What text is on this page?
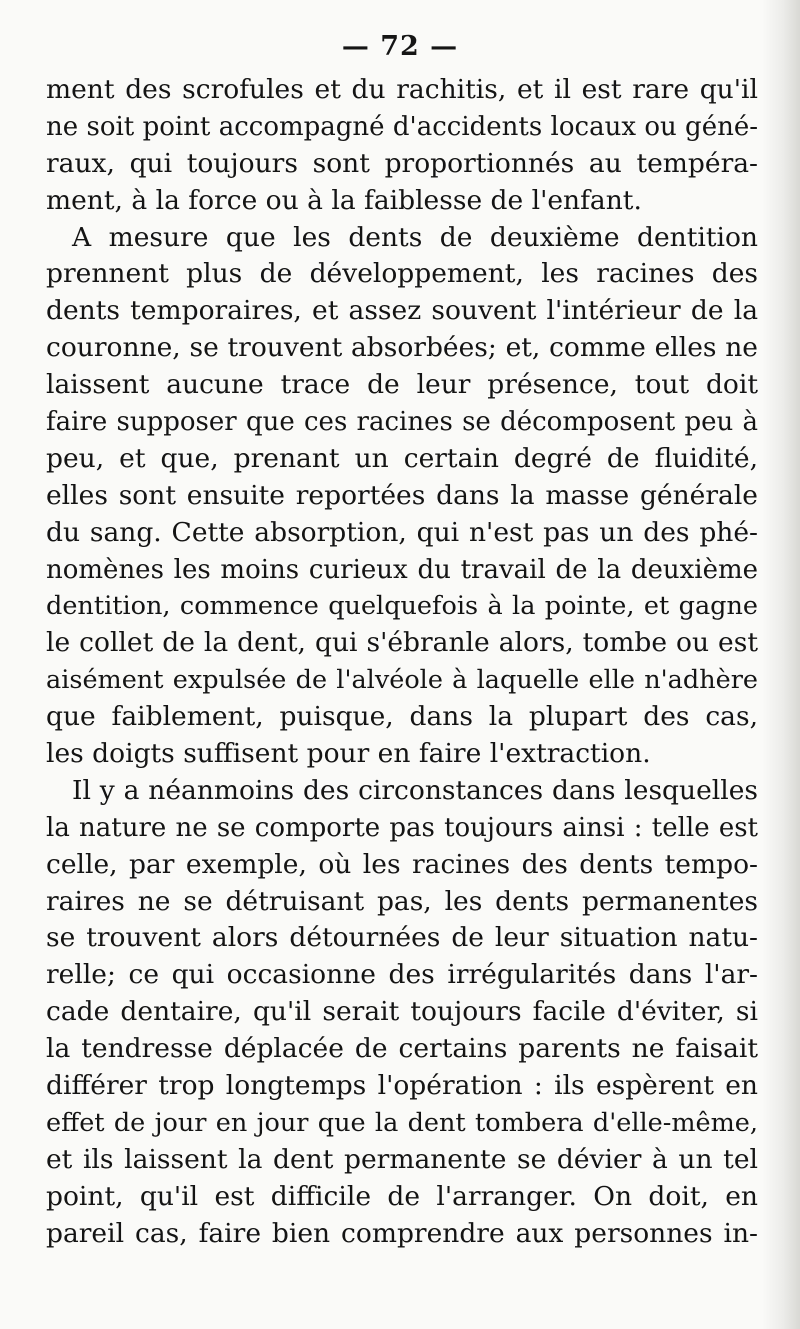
— 72 —
ment des scrofules et du rachitis, et il est rare qu'il
ne soit point accompagné d'accidents locaux ou géné-
raux, qui toujours sont proportionnés au tempéra-
ment, à la force ou à la faiblesse de l'enfant.
A mesure que les dents de deuxième dentition
prennent plus de développement, les racines des
dents temporaires, et assez souvent l'intérieur de la
couronne, se trouvent absorbées; et, comme elles ne
laissent aucune trace de leur présence, tout doit
faire supposer que ces racines se décomposent peu à
peu, et que, prenant un certain degré de fluidité,
elles sont ensuite reportées dans la masse générale
du sang. Cette absorption, qui n'est pas un des phé-
nomènes les moins curieux du travail de la deuxième
dentition, commence quelquefois à la pointe, et gagne
le collet de la dent, qui s'ébranle alors, tombe ou est
aisément expulsée de l'alvéole à laquelle elle n'adhère
que faiblement, puisque, dans la plupart des cas,
les doigts suffisent pour en faire l'extraction.
Il y a néanmoins des circonstances dans lesquelles
la nature ne se comporte pas toujours ainsi : telle est
celle, par exemple, où les racines des dents tempo-
raires ne se détruisant pas, les dents permanentes
se trouvent alors détournées de leur situation natu-
relle; ce qui occasionne des irrégularités dans l'ar-
cade dentaire, qu'il serait toujours facile d'éviter, si
la tendresse déplacée de certains parents ne faisait
différer trop longtemps l'opération : ils espèrent en
effet de jour en jour que la dent tombera d'elle-même,
et ils laissent la dent permanente se dévier à un tel
point, qu'il est difficile de l'arranger. On doit, en
pareil cas, faire bien comprendre aux personnes in-
